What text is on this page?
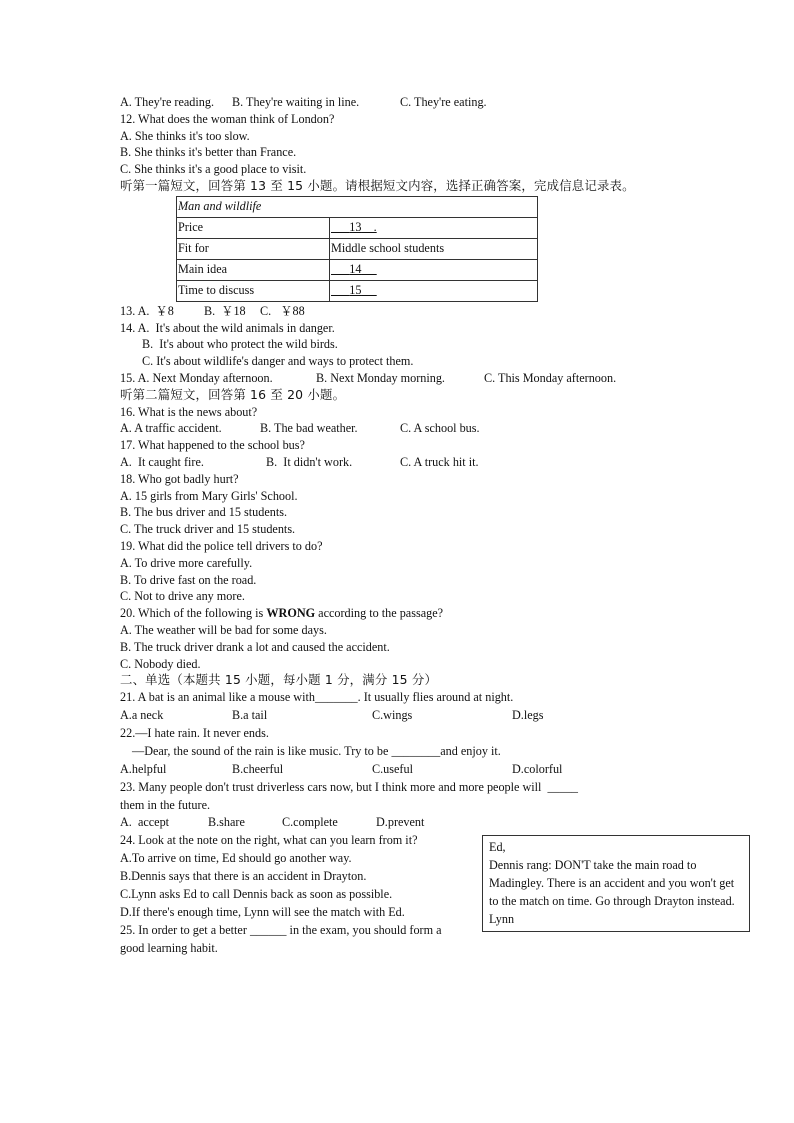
A. They're reading. B. They're waiting in line.	C. They're eating.
12. What does the woman think of London?
A. She thinks it's too slow.
B. She thinks it's better than France.
C. She thinks it's a good place to visit.
听第一篇短文，回答第 13 至 15 小题。请根据短文内容，选择正确答案，完成信息记录表。
Man and wildlife	
Price	13    .
Fit for	Middle school students
Main idea	14
Time to discuss	15
13. A.  ￥8 B.  ￥18 C.   ￥88
14. A.  It's about the wild animals in danger.
B.  It's about who protect the wild birds.
C. It's about wildlife's danger and ways to protect them.
15. A. Next Monday afternoon.	B. Next Monday morning.	C. This Monday afternoon.
听第二篇短文，回答第 16 至 20 小题。
16. What is the news about?
A. A traffic accident.	B. The bad weather.	C. A school bus.
17. What happened to the school bus?
A.  It caught fire.	B.  It didn't work.	C. A truck hit it.
18. Who got badly hurt?
A. 15 girls from Mary Girls' School.
B. The bus driver and 15 students.
C. The truck driver and 15 students.
19. What did the police tell drivers to do?
A. To drive more carefully.
B. To drive fast on the road.
C. Not to drive any more.
20. Which of the following is WRONG according to the passage?
A. The weather will be bad for some days.
B. The truck driver drank a lot and caused the accident.
C. Nobody died.
二、单选（本题共 15 小题，每小题 1 分，满分 15 分）
21. A bat is an animal like a mouse with_______. It usually flies around at night.
A.a neck	B.a tail	C.wings	D.legs
22.—I hate rain. It never ends.
—Dear, the sound of the rain is like music. Try to be ________and enjoy it.
A.helpful	B.cheerful	C.useful	D.colorful
23. Many people don't trust driverless cars now, but I think more and more people will  _____
them in the future.
A.  accept	B.share	C.complete	D.prevent
24. Look at the note on the right, what can you learn from it?
A.To arrive on time, Ed should go another way.
B.Dennis says that there is an accident in Drayton.
C.Lynn asks Ed to call Dennis back as soon as possible.
D.If there's enough time, Lynn will see the match with Ed.
25. In order to get a better ______ in the exam, you should form a good learning habit.
Ed,
Dennis rang: DON'T take the main road to Madingley. There is an accident and you won't get to the match on time. Go through Drayton instead.
Lynn
